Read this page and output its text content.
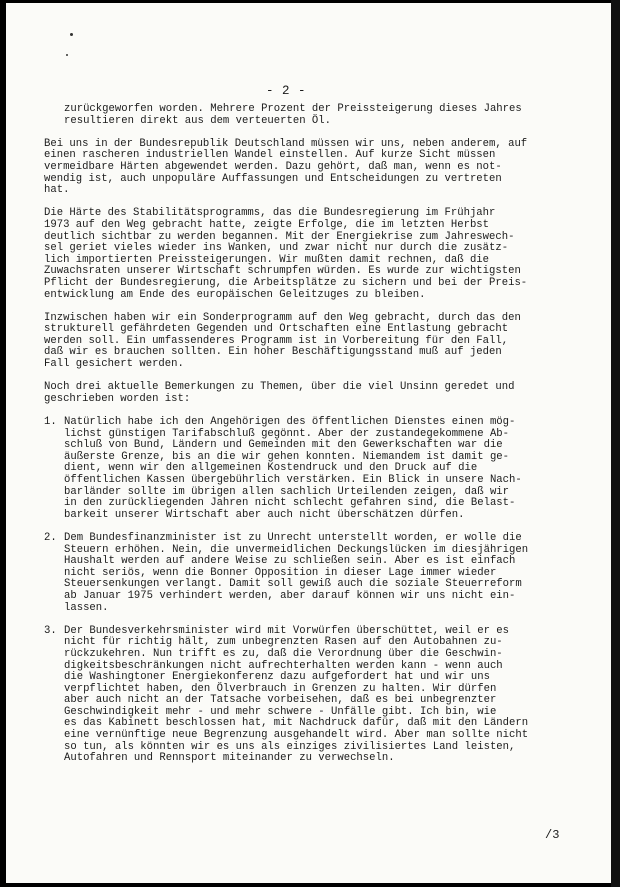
- 2 -

zurückgeworfen worden. Mehrere Prozent der Preissteigerung dieses Jahres
resultieren direkt aus dem verteuerten Öl.

Bei uns in der Bundesrepublik Deutschland müssen wir uns, neben anderem, auf
einen rascheren industriellen Wandel einstellen. Auf kurze Sicht müssen
vermeidbare Härten abgewendet werden. Dazu gehört, daß man, wenn es not-
wendig ist, auch unpopuläre Auffassungen und Entscheidungen zu vertreten
hat.

Die Härte des Stabilitätsprogramms, das die Bundesregierung im Frühjahr
1973 auf den Weg gebracht hatte, zeigte Erfolge, die im letzten Herbst
deutlich sichtbar zu werden begannen. Mit der Energiekrise zum Jahreswech-
sel geriet vieles wieder ins Wanken, und zwar nicht nur durch die zusätz-
lich importierten Preissteigerungen. Wir mußten damit rechnen, daß die
Zuwachsraten unserer Wirtschaft schrumpfen würden. Es wurde zur wichtigsten
Pflicht der Bundesregierung, die Arbeitsplätze zu sichern und bei der Preis-
entwicklung am Ende des europäischen Geleitzuges zu bleiben.

Inzwischen haben wir ein Sonderprogramm auf den Weg gebracht, durch das den
strukturell gefährdeten Gegenden und Ortschaften eine Entlastung gebracht
werden soll. Ein umfassenderes Programm ist in Vorbereitung für den Fall,
daß wir es brauchen sollten. Ein hoher Beschäftigungsstand muß auf jeden
Fall gesichert werden.

Noch drei aktuelle Bemerkungen zu Themen, über die viel Unsinn geredet und
geschrieben worden ist:

1. Natürlich habe ich den Angehörigen des öffentlichen Dienstes einen mög-
lichst günstigen Tarifabschluß gegönnt. Aber der zustandegekommene Ab-
schluß von Bund, Ländern und Gemeinden mit den Gewerkschaften war die
äußerste Grenze, bis an die wir gehen konnten. Niemandem ist damit ge-
dient, wenn wir den allgemeinen Kostendruck und den Druck auf die
öffentlichen Kassen übergebührlich verstärken. Ein Blick in unsere Nach-
barländer sollte im übrigen allen sachlich Urteilenden zeigen, daß wir
in den zurückliegenden Jahren nicht schlecht gefahren sind, die Belast-
barkeit unserer Wirtschaft aber auch nicht überschätzen dürfen.
2. Dem Bundesfinanzminister ist zu Unrecht unterstellt worden, er wolle die
Steuern erhöhen. Nein, die unvermeidlichen Deckungslücken im diesjährigen
Haushalt werden auf andere Weise zu schließen sein. Aber es ist einfach
nicht seriös, wenn die Bonner Opposition in dieser Lage immer wieder
Steuersenkungen verlangt. Damit soll gewiß auch die soziale Steuerreform
ab Januar 1975 verhindert werden, aber darauf können wir uns nicht ein-
lassen.
3. Der Bundesverkehrsminister wird mit Vorwürfen überschüttet, weil er es
nicht für richtig hält, zum unbegrenzten Rasen auf den Autobahnen zu-
rückzukehren. Nun trifft es zu, daß die Verordnung über die Geschwin-
digkeitsbeschränkungen nicht aufrechterhalten werden kann - wenn auch
die Washingtoner Energiekonferenz dazu aufgefordert hat und wir uns
verpflichtet haben, den Ölverbrauch in Grenzen zu halten. Wir dürfen
aber auch nicht an der Tatsache vorbeisehen, daß es bei unbegrenzter
Geschwindigkeit mehr - und mehr schwere - Unfälle gibt. Ich bin, wie
es das Kabinett beschlossen hat, mit Nachdruck dafür, daß mit den Ländern
eine vernünftige neue Begrenzung ausgehandelt wird. Aber man sollte nicht
so tun, als könnten wir es uns als einziges zivilisiertes Land leisten,
Autofahren und Rennsport miteinander zu verwechseln.
/3
